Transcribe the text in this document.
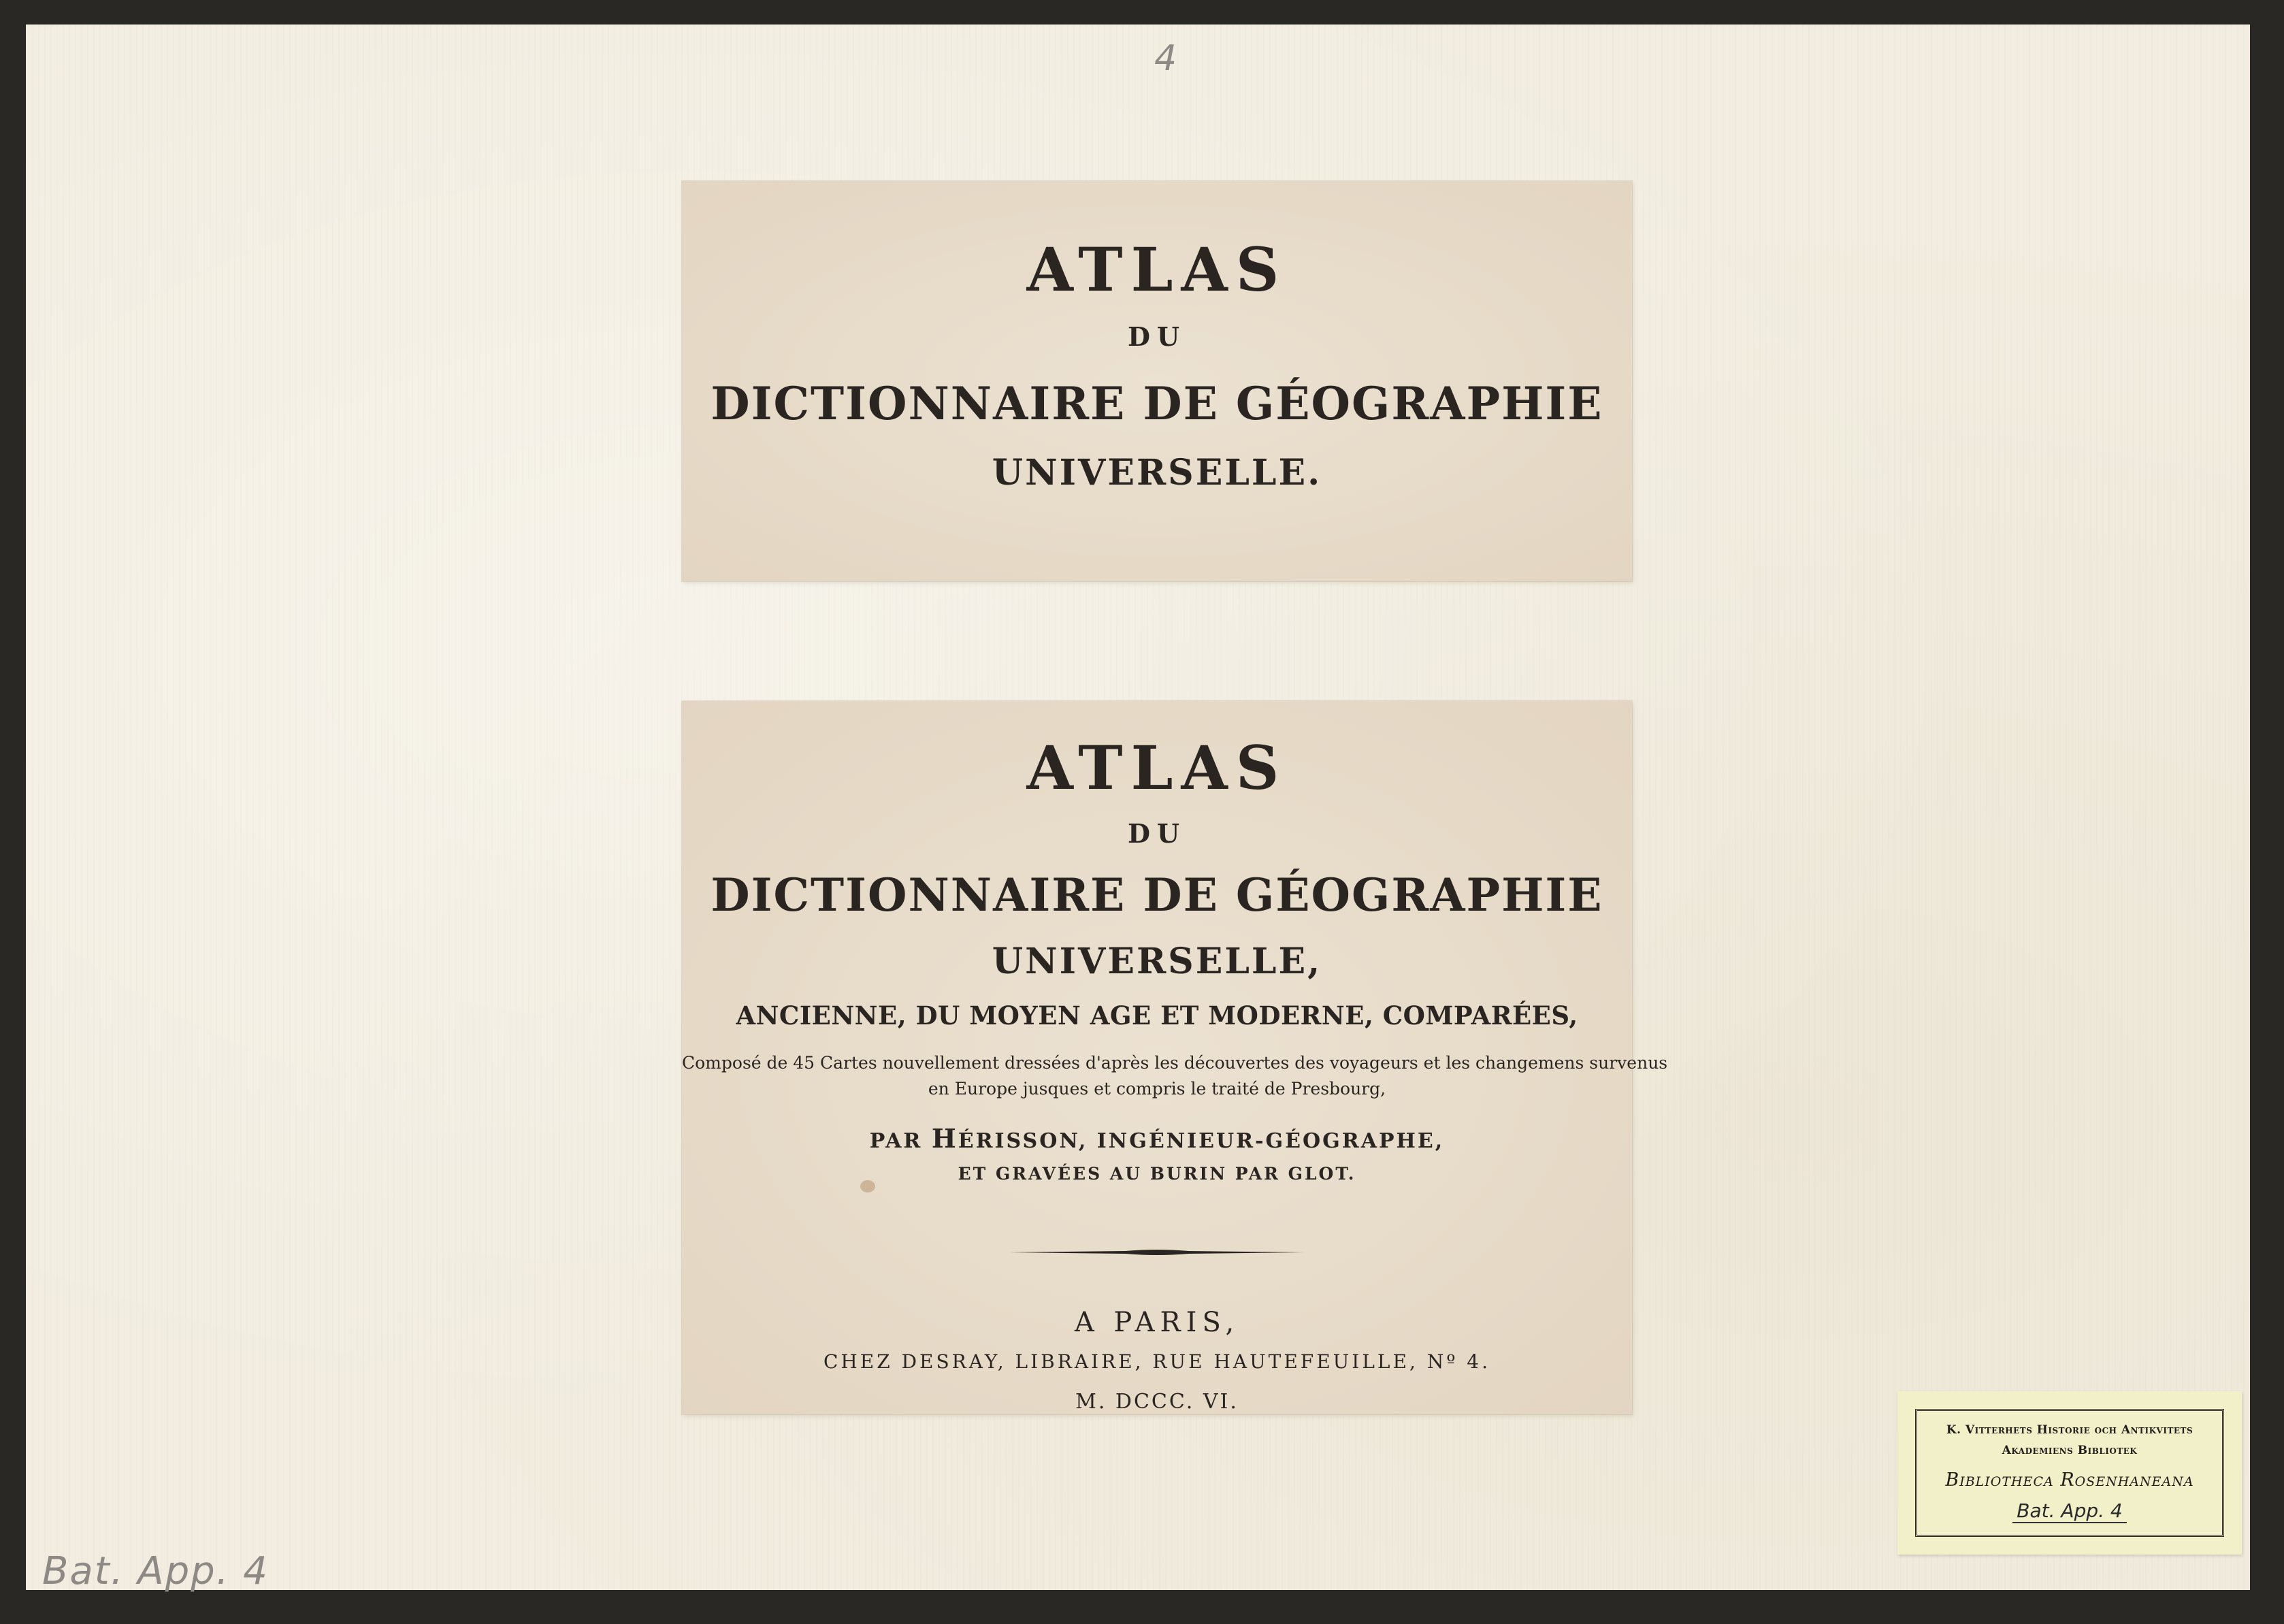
4
ATLAS
DU
DICTIONNAIRE DE GÉOGRAPHIE
UNIVERSELLE.
ATLAS
DU
DICTIONNAIRE DE GÉOGRAPHIE
UNIVERSELLE,
ANCIENNE, DU MOYEN AGE ET MODERNE, COMPARÉES,
Composé de 45 Cartes nouvellement dressées d'après les découvertes des voyageurs et les changemens survenus
en Europe jusques et compris le traité de Presbourg,
PAR HÉRISSON, INGÉNIEUR-GÉOGRAPHE,
ET GRAVÉES AU BURIN PAR GLOT.
A PARIS,
CHEZ DESRAY, LIBRAIRE, RUE HAUTEFEUILLE, Nº 4.
M. DCCC. VI.
Bat. App. 4
K. Vitterhets Historie och Antikvitets
Akademiens Bibliotek
Bibliotheca Rosenhaneana
Bat. App. 4
